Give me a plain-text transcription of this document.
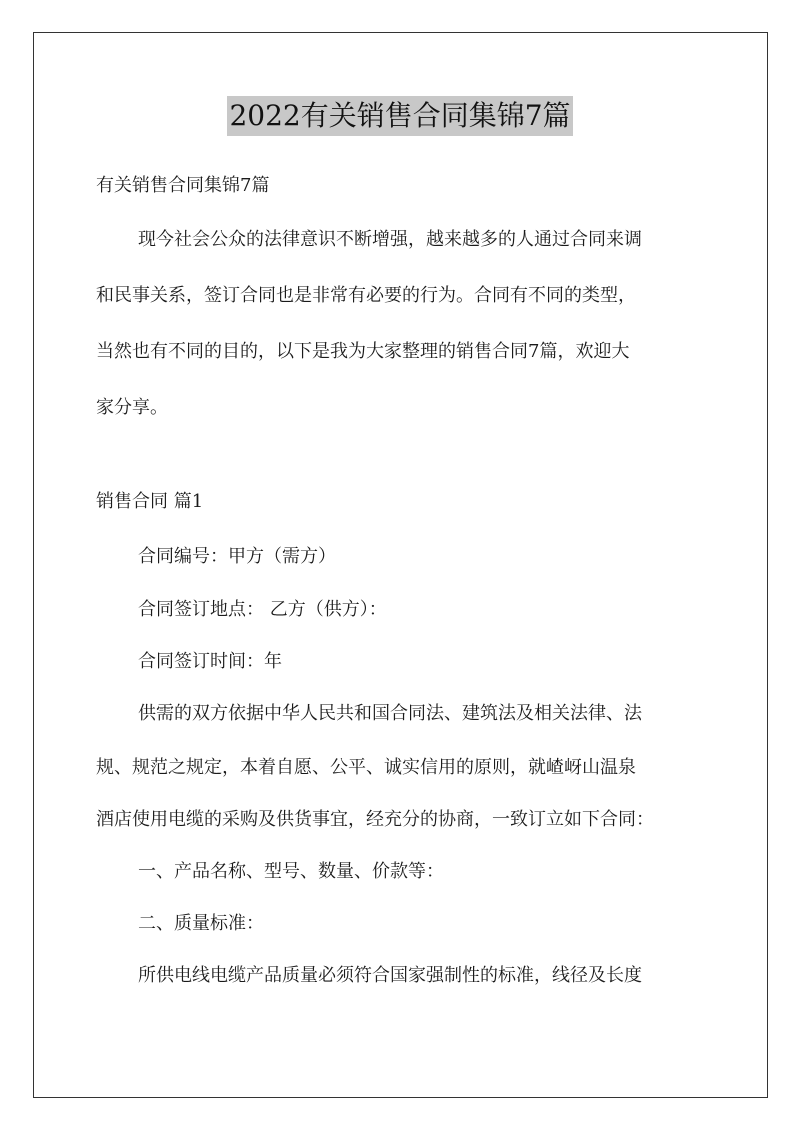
2022有关销售合同集锦7篇
有关销售合同集锦7篇
现今社会公众的法律意识不断增强，越来越多的人通过合同来调
和民事关系，签订合同也是非常有必要的行为。合同有不同的类型，
当然也有不同的目的，以下是我为大家整理的销售合同7篇，欢迎大
家分享。
销售合同 篇1
合同编号：甲方（需方）
合同签订地点： 乙方（供方）：
合同签订时间：年
供需的双方依据中华人民共和国合同法、建筑法及相关法律、法
规、规范之规定，本着自愿、公平、诚实信用的原则，就嵖岈山温泉
酒店使用电缆的采购及供货事宜，经充分的协商，一致订立如下合同：
一、产品名称、型号、数量、价款等：
二、质量标准：
所供电线电缆产品质量必须符合国家强制性的标准，线径及长度
